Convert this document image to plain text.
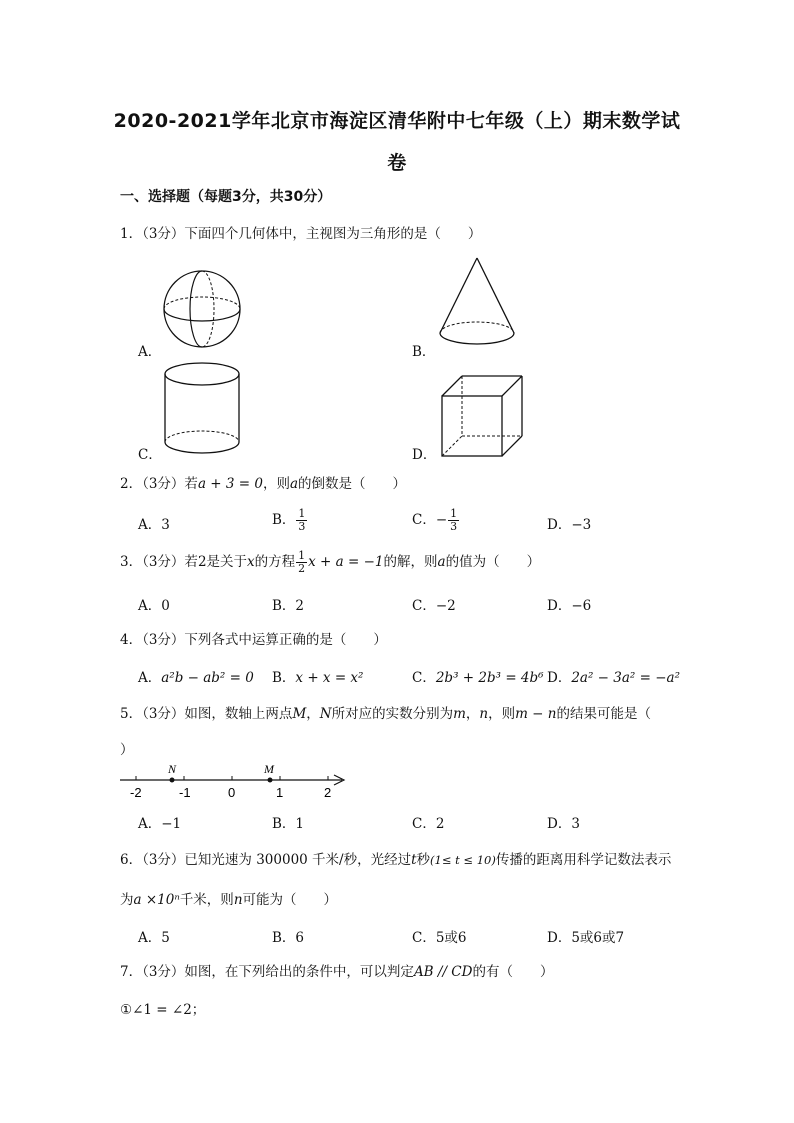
2020-2021学年北京市海淀区清华附中七年级（上）期末数学试
卷
一、选择题（每题3分，共30分）
1．（3分）下面四个几何体中，主视图为三角形的是（　　）
A．	B．
C．	D．
2．（3分）若a + 3 = 0，则a的倒数是（　　）
A．3	B． $\frac{1}{3}$	C．− $\frac{1}{3}$	D．−3
3．（3分）若2是关于x的方程 $\frac{1}{2}$ x + a = −1的解，则a的值为（　　）
A．0	B．2	C．−2	D．−6
4．（3分）下列各式中运算正确的是（　　）
A．a²b − ab² = 0 B．x + x = x²	C．2b³ + 2b³ = 4b⁶ D．2a² − 3a² = −a²
5．（3分）如图，数轴上两点M，N所对应的实数分别为m，n，则m − n的结果可能是（
）
N	M
-2	-1	0	1	2
A．−1	B．1	C．2	D．3
6．（3分）已知光速为 300000 千米/秒，光经过t秒(1≤ t ≤ 10)传播的距离用科学记数法表示
为a ×10ⁿ千米，则n可能为（　　）
A．5	B．6	C．5或6	D．5或6或7
7．（3分）如图，在下列给出的条件中，可以判定AB // CD的有（　　）
①∠1 = ∠2；
